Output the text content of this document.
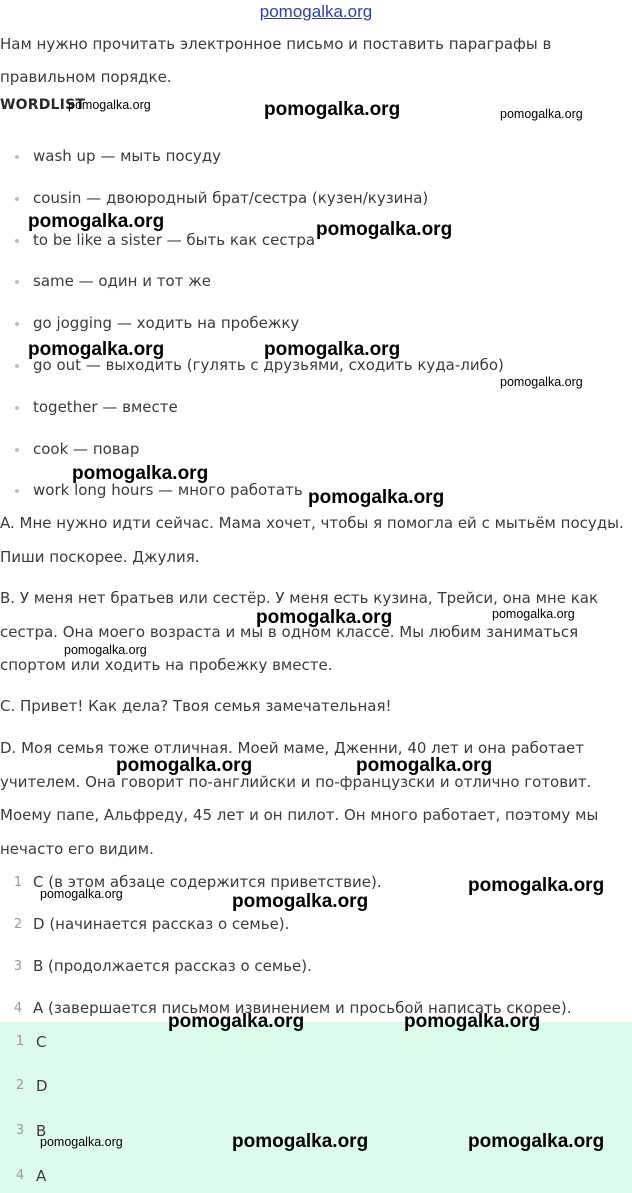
pomogalka.org
Нам нужно прочитать электронное письмо и поставить параграфы в правильном порядке.
WORDLIST
wash up — мыть посуду
cousin — двоюродный брат/сестра (кузен/кузина)
to be like a sister — быть как сестра
same — один и тот же
go jogging — ходить на пробежку
go out — выходить (гулять с друзьями, сходить куда-либо)
together — вместе
cook — повар
work long hours — много работать
A. Мне нужно идти сейчас. Мама хочет, чтобы я помогла ей с мытьём посуды. Пиши поскорее. Джулия.
B. У меня нет братьев или сестёр. У меня есть кузина, Трейси, она мне как сестра. Она моего возраста и мы в одном классе. Мы любим заниматься спортом или ходить на пробежку вместе.
C. Привет! Как дела? Твоя семья замечательная!
D. Моя семья тоже отличная. Моей маме, Дженни, 40 лет и она работает учителем. Она говорит по-английски и по-французски и отлично готовит. Моему папе, Альфреду, 45 лет и он пилот. Он много работает, поэтому мы нечасто его видим.
1 C (в этом абзаце содержится приветствие).
2 D (начинается рассказ о семье).
3 B (продолжается рассказ о семье).
4 A (завершается письмом извинением и просьбой написать скорее).
1 C
2 D
3 B
4 A
pomogalka.org	pomogalka.org	pomogalka.org
pomogalka.org	pomogalka.org
pomogalka.org	pomogalka.org
pomogalka.org
pomogalka.org
pomogalka.org
pomogalka.org	pomogalka.org
pomogalka.org
pomogalka.org	pomogalka.org
pomogalka.org
pomogalka.org	pomogalka.org
pomogalka.org	pomogalka.org
pomogalka.org	pomogalka.org	pomogalka.org
